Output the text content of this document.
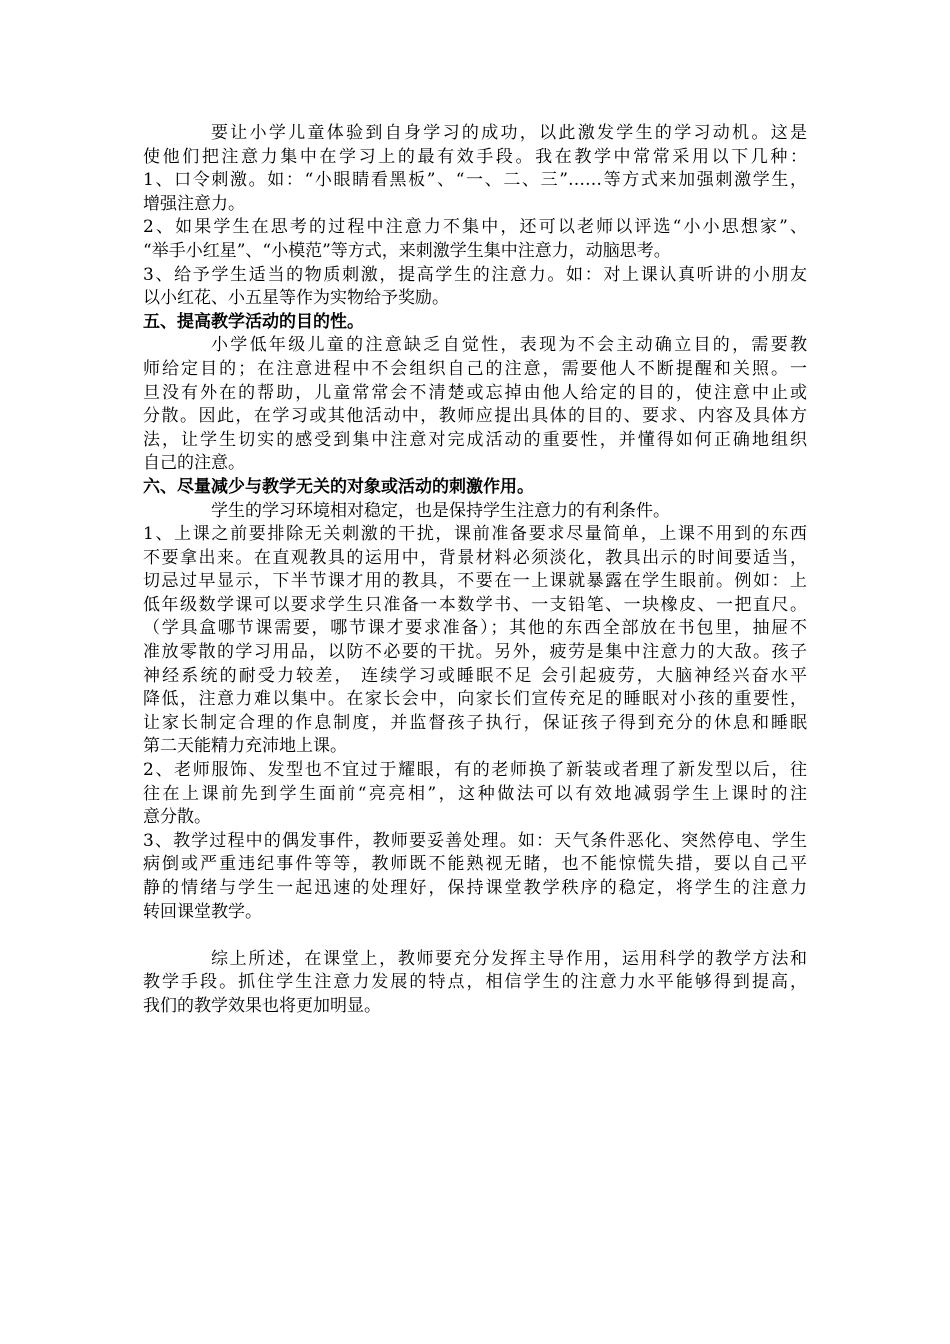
要让小学儿童体验到自身学习的成功，以此激发学生的学习动机。这是

使他们把注意力集中在学习上的最有效手段。我在教学中常常采用以下几种：

1、口令刺激。如：“小眼睛看黑板”、“一、二、三”……等方式来加强刺激学生，

增强注意力。

2、如果学生在思考的过程中注意力不集中，还可以老师以评选“小小思想家”、

“举手小红星”、“小模范”等方式，来刺激学生集中注意力，动脑思考。

3、给予学生适当的物质刺激，提高学生的注意力。如：对上课认真听讲的小朋友

以小红花、小五星等作为实物给予奖励。

五、提高教学活动的目的性。

小学低年级儿童的注意缺乏自觉性，表现为不会主动确立目的，需要教

师给定目的；在注意进程中不会组织自己的注意，需要他人不断提醒和关照。一

旦没有外在的帮助，儿童常常会不清楚或忘掉由他人给定的目的，使注意中止或

分散。因此，在学习或其他活动中，教师应提出具体的目的、要求、内容及具体方

法，让学生切实的感受到集中注意对完成活动的重要性，并懂得如何正确地组织

自己的注意。

六、尽量减少与教学无关的对象或活动的刺激作用。

学生的学习环境相对稳定，也是保持学生注意力的有利条件。

1、上课之前要排除无关刺激的干扰，课前准备要求尽量简单，上课不用到的东西

不要拿出来。在直观教具的运用中，背景材料必须淡化，教具出示的时间要适当，

切忌过早显示，下半节课才用的教具，不要在一上课就暴露在学生眼前。例如：上

低年级数学课可以要求学生只准备一本数学书、一支铅笔、一块橡皮、一把直尺。

（学具盒哪节课需要，哪节课才要求准备）；其他的东西全部放在书包里，抽屉不

准放零散的学习用品，以防不必要的干扰。另外，疲劳是集中注意力的大敌。孩子

神经系统的耐受力较差， 连续学习或睡眠不足 会引起疲劳，大脑神经兴奋水平

降低，注意力难以集中。在家长会中，向家长们宣传充足的睡眠对小孩的重要性，

让家长制定合理的作息制度，并监督孩子执行，保证孩子得到充分的休息和睡眠

第二天能精力充沛地上课。

2、老师服饰、发型也不宜过于耀眼，有的老师换了新装或者理了新发型以后，往

往在上课前先到学生面前“亮亮相”，这种做法可以有效地减弱学生上课时的注

意分散。

3、教学过程中的偶发事件，教师要妥善处理。如：天气条件恶化、突然停电、学生

病倒或严重违纪事件等等，教师既不能熟视无睹，也不能惊慌失措，要以自己平

静的情绪与学生一起迅速的处理好，保持课堂教学秩序的稳定，将学生的注意力

转回课堂教学。

综上所述，在课堂上，教师要充分发挥主导作用，运用科学的教学方法和

教学手段。抓住学生注意力发展的特点，相信学生的注意力水平能够得到提高，

我们的教学效果也将更加明显。
